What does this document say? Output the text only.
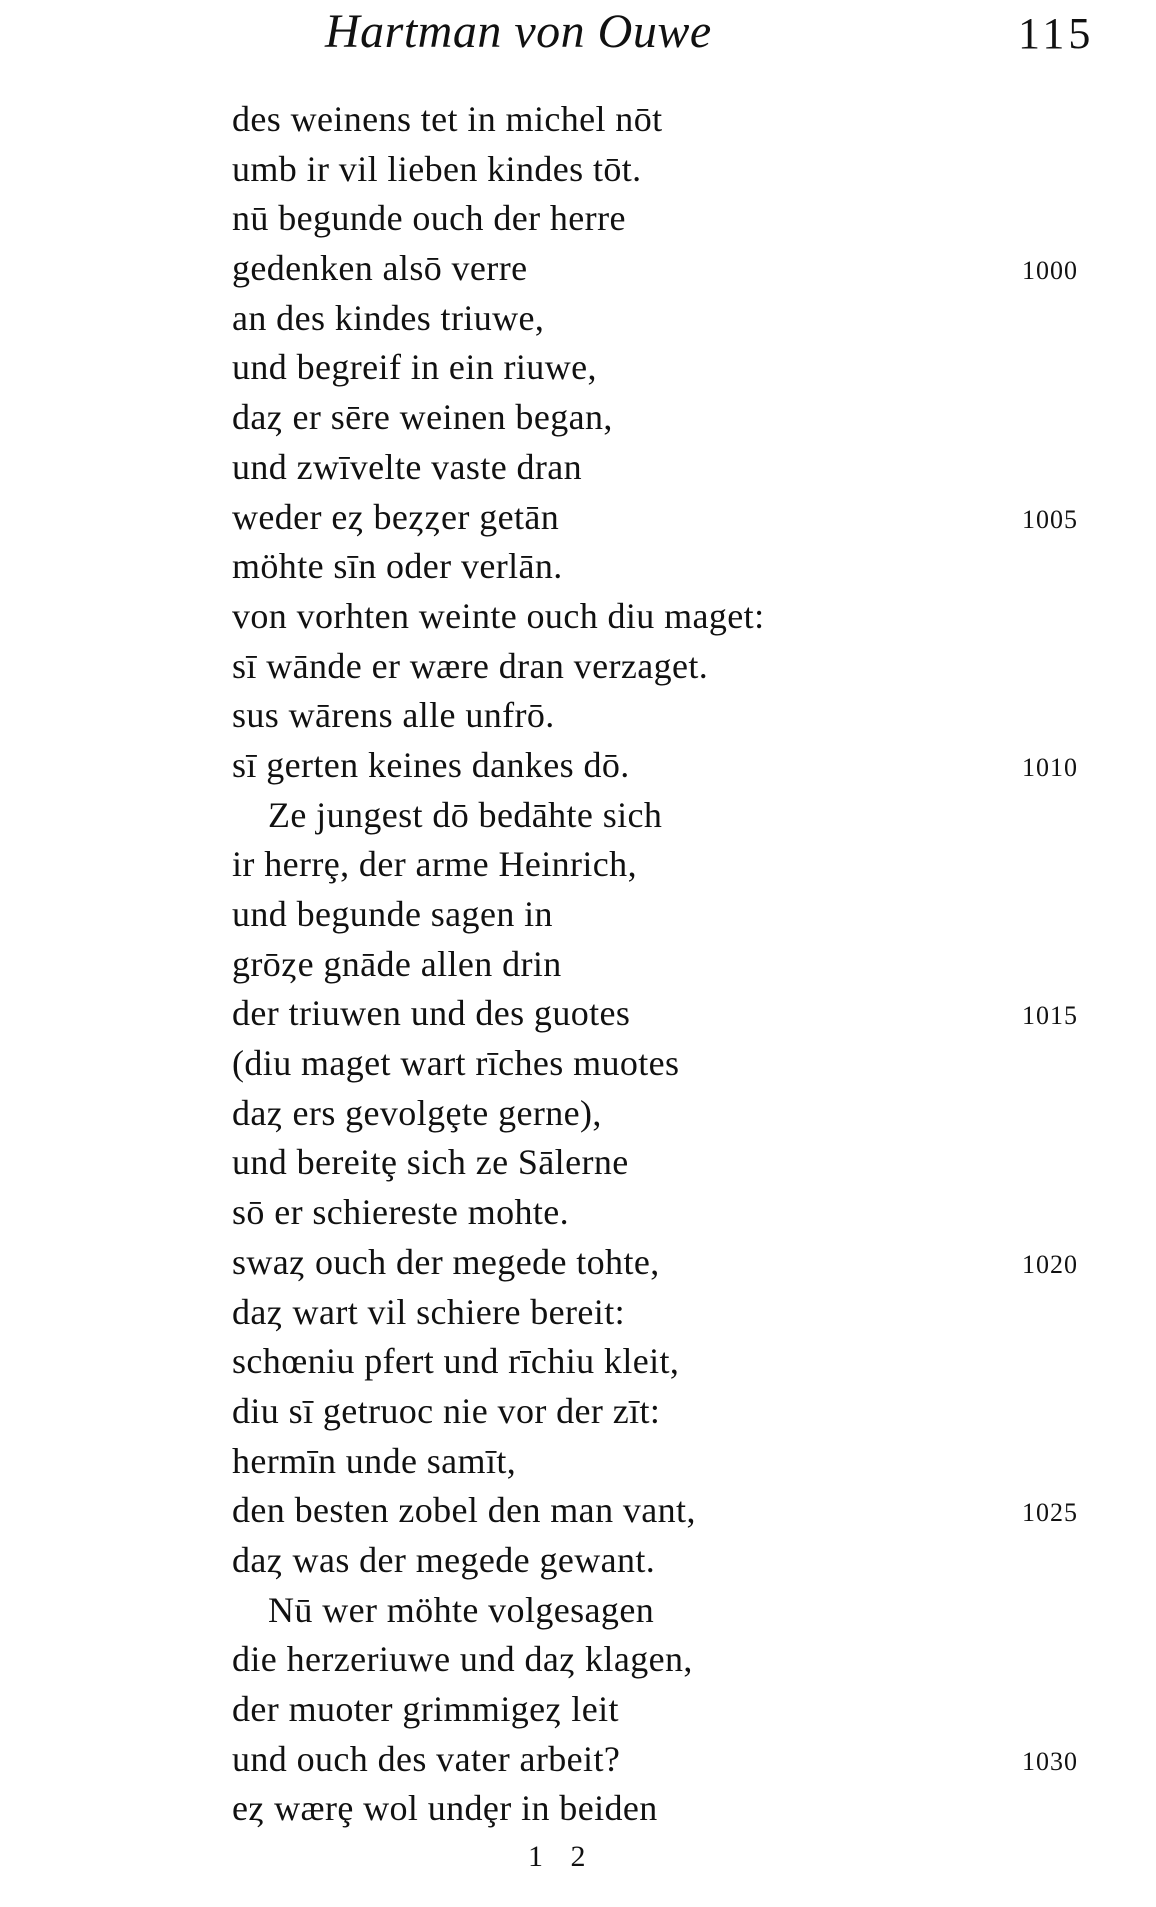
Hartman von Ouwe	115
des weinens tet in michel nōt
umb ir vil lieben kindes tōt.
nū begunde ouch der herre
gedenken alsō verre	1000
an des kindes triuwe,
und begreif in ein riuwe,
daȥ er sēre weinen began,
und zwīvelte vaste dran
weder eȥ beȥȥer getān	1005
möhte sīn oder verlān.
von vorhten weinte ouch diu maget:
sī wānde er wære dran verzaget.
sus wārens alle unfrō.
sī gerten keines dankes dō.	1010
Ze jungest dō bedāhte sich
ir herrȩ, der arme Heinrich,
und begunde sagen in
grōȥe gnāde allen drin
der triuwen und des guotes	1015
(diu maget wart rīches muotes
daȥ ers gevolgȩte gerne),
und bereitȩ sich ze Sālerne
sō er schiereste mohte.
swaȥ ouch der megede tohte,	1020
daȥ wart vil schiere bereit:
schœniu pfert und rīchiu kleit,
diu sī getruoc nie vor der zīt:
hermīn unde samīt,
den besten zobel den man vant,	1025
daȥ was der megede gewant.
Nū wer möhte volgesagen
die herzeriuwe und daȥ klagen,
der muoter grimmigeȥ leit
und ouch des vater arbeit?	1030
eȥ wærȩ wol undȩr in beiden
1 2
